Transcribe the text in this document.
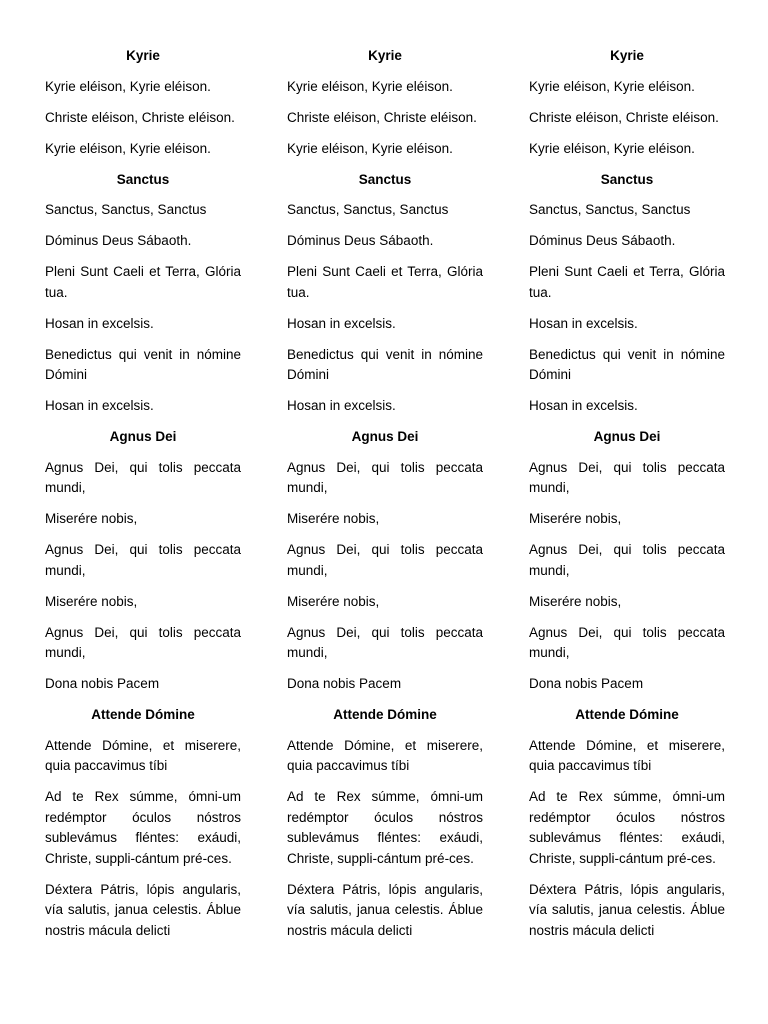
Kyrie

Kyrie eléison, Kyrie eléison.

Christe eléison, Christe eléison.

Kyrie eléison, Kyrie eléison.

Sanctus

Sanctus, Sanctus, Sanctus

Dóminus Deus Sábaoth.

Pleni Sunt Caeli et Terra, Glória tua.

Hosan in excelsis.

Benedictus qui venit in nómine Dómini

Hosan in excelsis.

Agnus Dei

Agnus Dei, qui tolis peccata mundi,

Miserére nobis,

Agnus Dei, qui tolis peccata mundi,

Miserére nobis,

Agnus Dei, qui tolis peccata mundi,

Dona nobis Pacem

Attende Dómine

Attende Dómine, et miserere, quia paccavimus tíbi

Ad te Rex súmme, ómni-um redémptor óculos nóstros sublevámus fléntes: exáudi, Christe, suppli-cántum pré-ces.

Déxtera Pátris, lópis angularis, vía salutis, janua celestis. Áblue nostris mácula delicti

Kyrie

Kyrie eléison, Kyrie eléison.

Christe eléison, Christe eléison.

Kyrie eléison, Kyrie eléison.

Sanctus

Sanctus, Sanctus, Sanctus

Dóminus Deus Sábaoth.

Pleni Sunt Caeli et Terra, Glória tua.

Hosan in excelsis.

Benedictus qui venit in nómine Dómini

Hosan in excelsis.

Agnus Dei

Agnus Dei, qui tolis peccata mundi,

Miserére nobis,

Agnus Dei, qui tolis peccata mundi,

Miserére nobis,

Agnus Dei, qui tolis peccata mundi,

Dona nobis Pacem

Attende Dómine

Attende Dómine, et miserere, quia paccavimus tíbi

Ad te Rex súmme, ómni-um redémptor óculos nóstros sublevámus fléntes: exáudi, Christe, suppli-cántum pré-ces.

Déxtera Pátris, lópis angularis, vía salutis, janua celestis. Áblue nostris mácula delicti

Kyrie

Kyrie eléison, Kyrie eléison.

Christe eléison, Christe eléison.

Kyrie eléison, Kyrie eléison.

Sanctus

Sanctus, Sanctus, Sanctus

Dóminus Deus Sábaoth.

Pleni Sunt Caeli et Terra, Glória tua.

Hosan in excelsis.

Benedictus qui venit in nómine Dómini

Hosan in excelsis.

Agnus Dei

Agnus Dei, qui tolis peccata mundi,

Miserére nobis,

Agnus Dei, qui tolis peccata mundi,

Miserére nobis,

Agnus Dei, qui tolis peccata mundi,

Dona nobis Pacem

Attende Dómine

Attende Dómine, et miserere, quia paccavimus tíbi

Ad te Rex súmme, ómni-um redémptor óculos nóstros sublevámus fléntes: exáudi, Christe, suppli-cántum pré-ces.

Déxtera Pátris, lópis angularis, vía salutis, janua celestis. Áblue nostris mácula delicti
